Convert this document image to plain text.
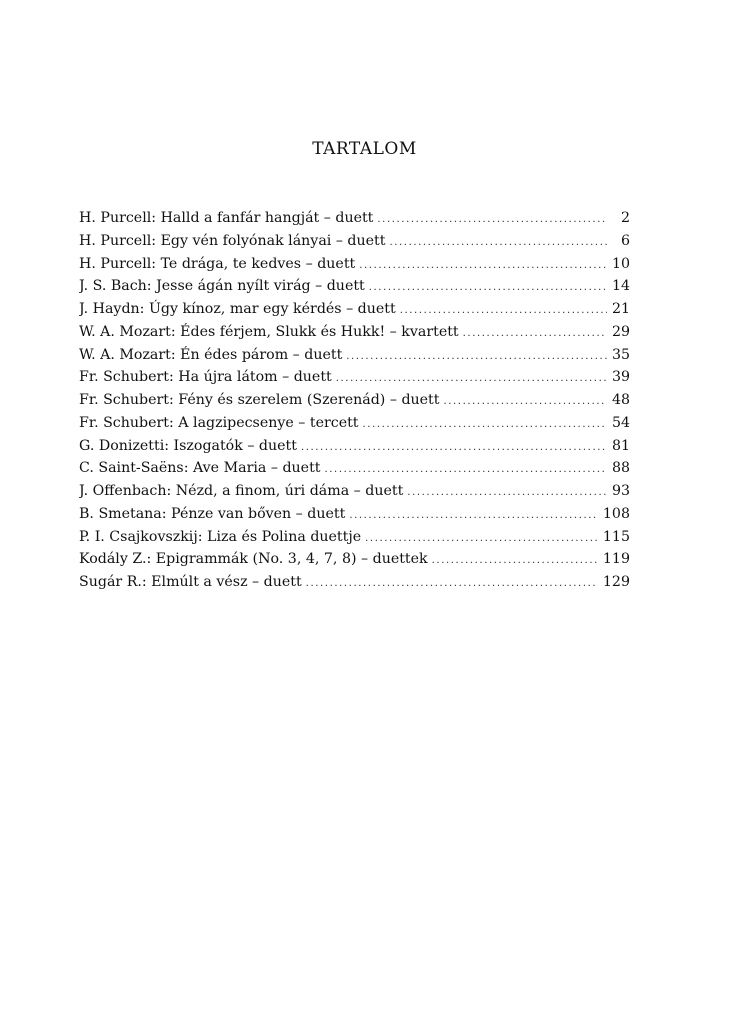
TARTALOM
H. Purcell: Halld a fanfár hangját – duett .....	2
H. Purcell: Egy vén folyónak lányai – duett .....	6
H. Purcell: Te drága, te kedves – duett .....	10
J. S. Bach: Jesse ágán nyílt virág – duett .....	14
J. Haydn: Úgy kínoz, mar egy kérdés – duett .....	21
W. A. Mozart: Édes férjem, Slukk és Hukk! – kvartett .....	29
W. A. Mozart: Én édes párom – duett .....	35
Fr. Schubert: Ha újra látom – duett .....	39
Fr. Schubert: Fény és szerelem (Szerenád) – duett .....	48
Fr. Schubert: A lagzipecsenye – tercett .....	54
G. Donizetti: Iszogatók – duett .....	81
C. Saint-Saëns: Ave Maria – duett .....	88
J. Offenbach: Nézd, a finom, úri dáma – duett .....	93
B. Smetana: Pénze van bőven – duett .....	108
P. I. Csajkovszkij: Liza és Polina duettje .....	115
Kodály Z.: Epigrammák (No. 3, 4, 7, 8) – duettek .....	119
Sugár R.: Elmúlt a vész – duett .....	129
